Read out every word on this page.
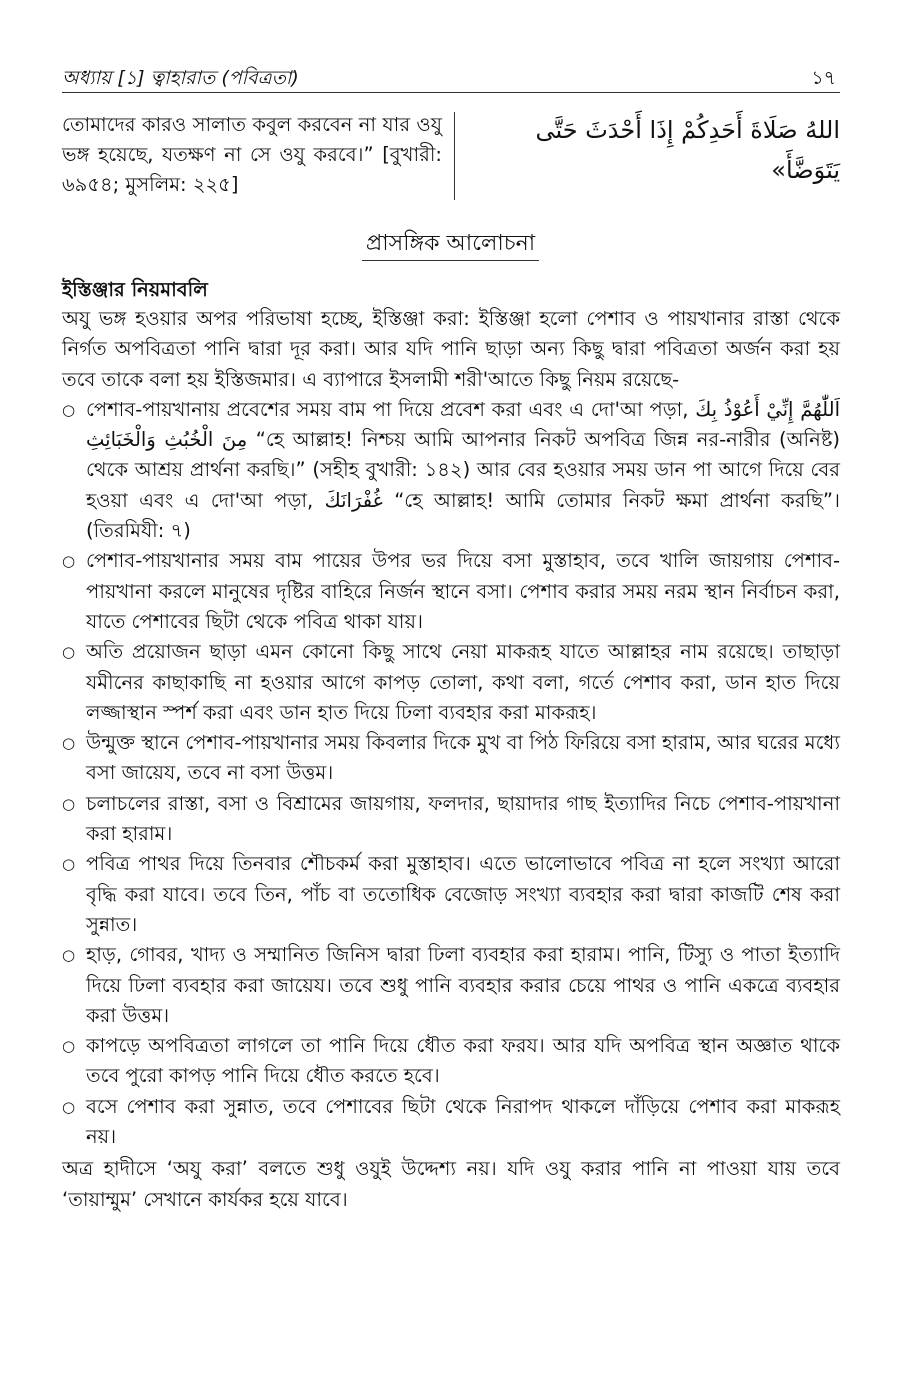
অধ্যায় [১] ত্বাহারাত (পবিত্রতা)	১৭
তোমাদের কারও সালাত কবুল করবেন না যার ওযু ভঙ্গ হয়েছে, যতক্ষণ না সে ওযু করবে।” [বুখারী: ৬৯৫৪; মুসলিম: ২২৫]
اللهُ صَلَاةَ أَحَدِكُمْ إِذَا أَحْدَثَ حَتَّى يَتَوَضَّأَ»
প্রাসঙ্গিক আলোচনা
ইস্তিঞ্জার নিয়মাবলি

অযু ভঙ্গ হওয়ার অপর পরিভাষা হচ্ছে, ইস্তিঞ্জা করা: ইস্তিঞ্জা হলো পেশাব ও পায়খানার রাস্তা থেকে নির্গত অপবিত্রতা পানি দ্বারা দূর করা। আর যদি পানি ছাড়া অন্য কিছু দ্বারা পবিত্রতা অর্জন করা হয় তবে তাকে বলা হয় ইস্তিজমার। এ ব্যাপারে ইসলামী শরী'আতে কিছু নিয়ম রয়েছে-

○ পেশাব-পায়খানায় প্রবেশের সময় বাম পা দিয়ে প্রবেশ করা এবং এ দো'আ পড়া, اَللّٰهُمَّ إِنِّيْ أَعُوْذُ بِكَ مِنَ الْخُبُثِ وَالْخَبَائِثِ “হে আল্লাহ! নিশ্চয় আমি আপনার নিকট অপবিত্র জিন্ন নর-নারীর (অনিষ্ট) থেকে আশ্রয় প্রার্থনা করছি।” (সহীহ বুখারী: ১৪২) আর বের হওয়ার সময় ডান পা আগে দিয়ে বের হওয়া এবং এ দো'আ পড়া, غُفْرَانَكَ “হে আল্লাহ! আমি তোমার নিকট ক্ষমা প্রার্থনা করছি”। (তিরমিযী: ৭)
○ পেশাব-পায়খানার সময় বাম পায়ের উপর ভর দিয়ে বসা মুস্তাহাব, তবে খালি জায়গায় পেশাব-পায়খানা করলে মানুষের দৃষ্টির বাহিরে নির্জন স্থানে বসা। পেশাব করার সময় নরম স্থান নির্বাচন করা, যাতে পেশাবের ছিটা থেকে পবিত্র থাকা যায়।
○ অতি প্রয়োজন ছাড়া এমন কোনো কিছু সাথে নেয়া মাকরূহ যাতে আল্লাহর নাম রয়েছে। তাছাড়া যমীনের কাছাকাছি না হওয়ার আগে কাপড় তোলা, কথা বলা, গর্তে পেশাব করা, ডান হাত দিয়ে লজ্জাস্থান স্পর্শ করা এবং ডান হাত দিয়ে ঢিলা ব্যবহার করা মাকরূহ।
○ উন্মুক্ত স্থানে পেশাব-পায়খানার সময় কিবলার দিকে মুখ বা পিঠ ফিরিয়ে বসা হারাম, আর ঘরের মধ্যে বসা জায়েয, তবে না বসা উত্তম।
○ চলাচলের রাস্তা, বসা ও বিশ্রামের জায়গায়, ফলদার, ছায়াদার গাছ ইত্যাদির নিচে পেশাব-পায়খানা করা হারাম।
○ পবিত্র পাথর দিয়ে তিনবার শৌচকর্ম করা মুস্তাহাব। এতে ভালোভাবে পবিত্র না হলে সংখ্যা আরো বৃদ্ধি করা যাবে। তবে তিন, পাঁচ বা ততোধিক বেজোড় সংখ্যা ব্যবহার করা দ্বারা কাজটি শেষ করা সুন্নাত।
○ হাড়, গোবর, খাদ্য ও সম্মানিত জিনিস দ্বারা ঢিলা ব্যবহার করা হারাম। পানি, টিস্যু ও পাতা ইত্যাদি দিয়ে ঢিলা ব্যবহার করা জায়েয। তবে শুধু পানি ব্যবহার করার চেয়ে পাথর ও পানি একত্রে ব্যবহার করা উত্তম।
○ কাপড়ে অপবিত্রতা লাগলে তা পানি দিয়ে ধৌত করা ফরয। আর যদি অপবিত্র স্থান অজ্ঞাত থাকে তবে পুরো কাপড় পানি দিয়ে ধৌত করতে হবে।
○ বসে পেশাব করা সুন্নাত, তবে পেশাবের ছিটা থেকে নিরাপদ থাকলে দাঁড়িয়ে পেশাব করা মাকরূহ নয়।

অত্র হাদীসে ‘অযু করা’ বলতে শুধু ওযুই উদ্দেশ্য নয়। যদি ওযু করার পানি না পাওয়া যায় তবে ‘তায়াম্মুম’ সেখানে কার্যকর হয়ে যাবে।
